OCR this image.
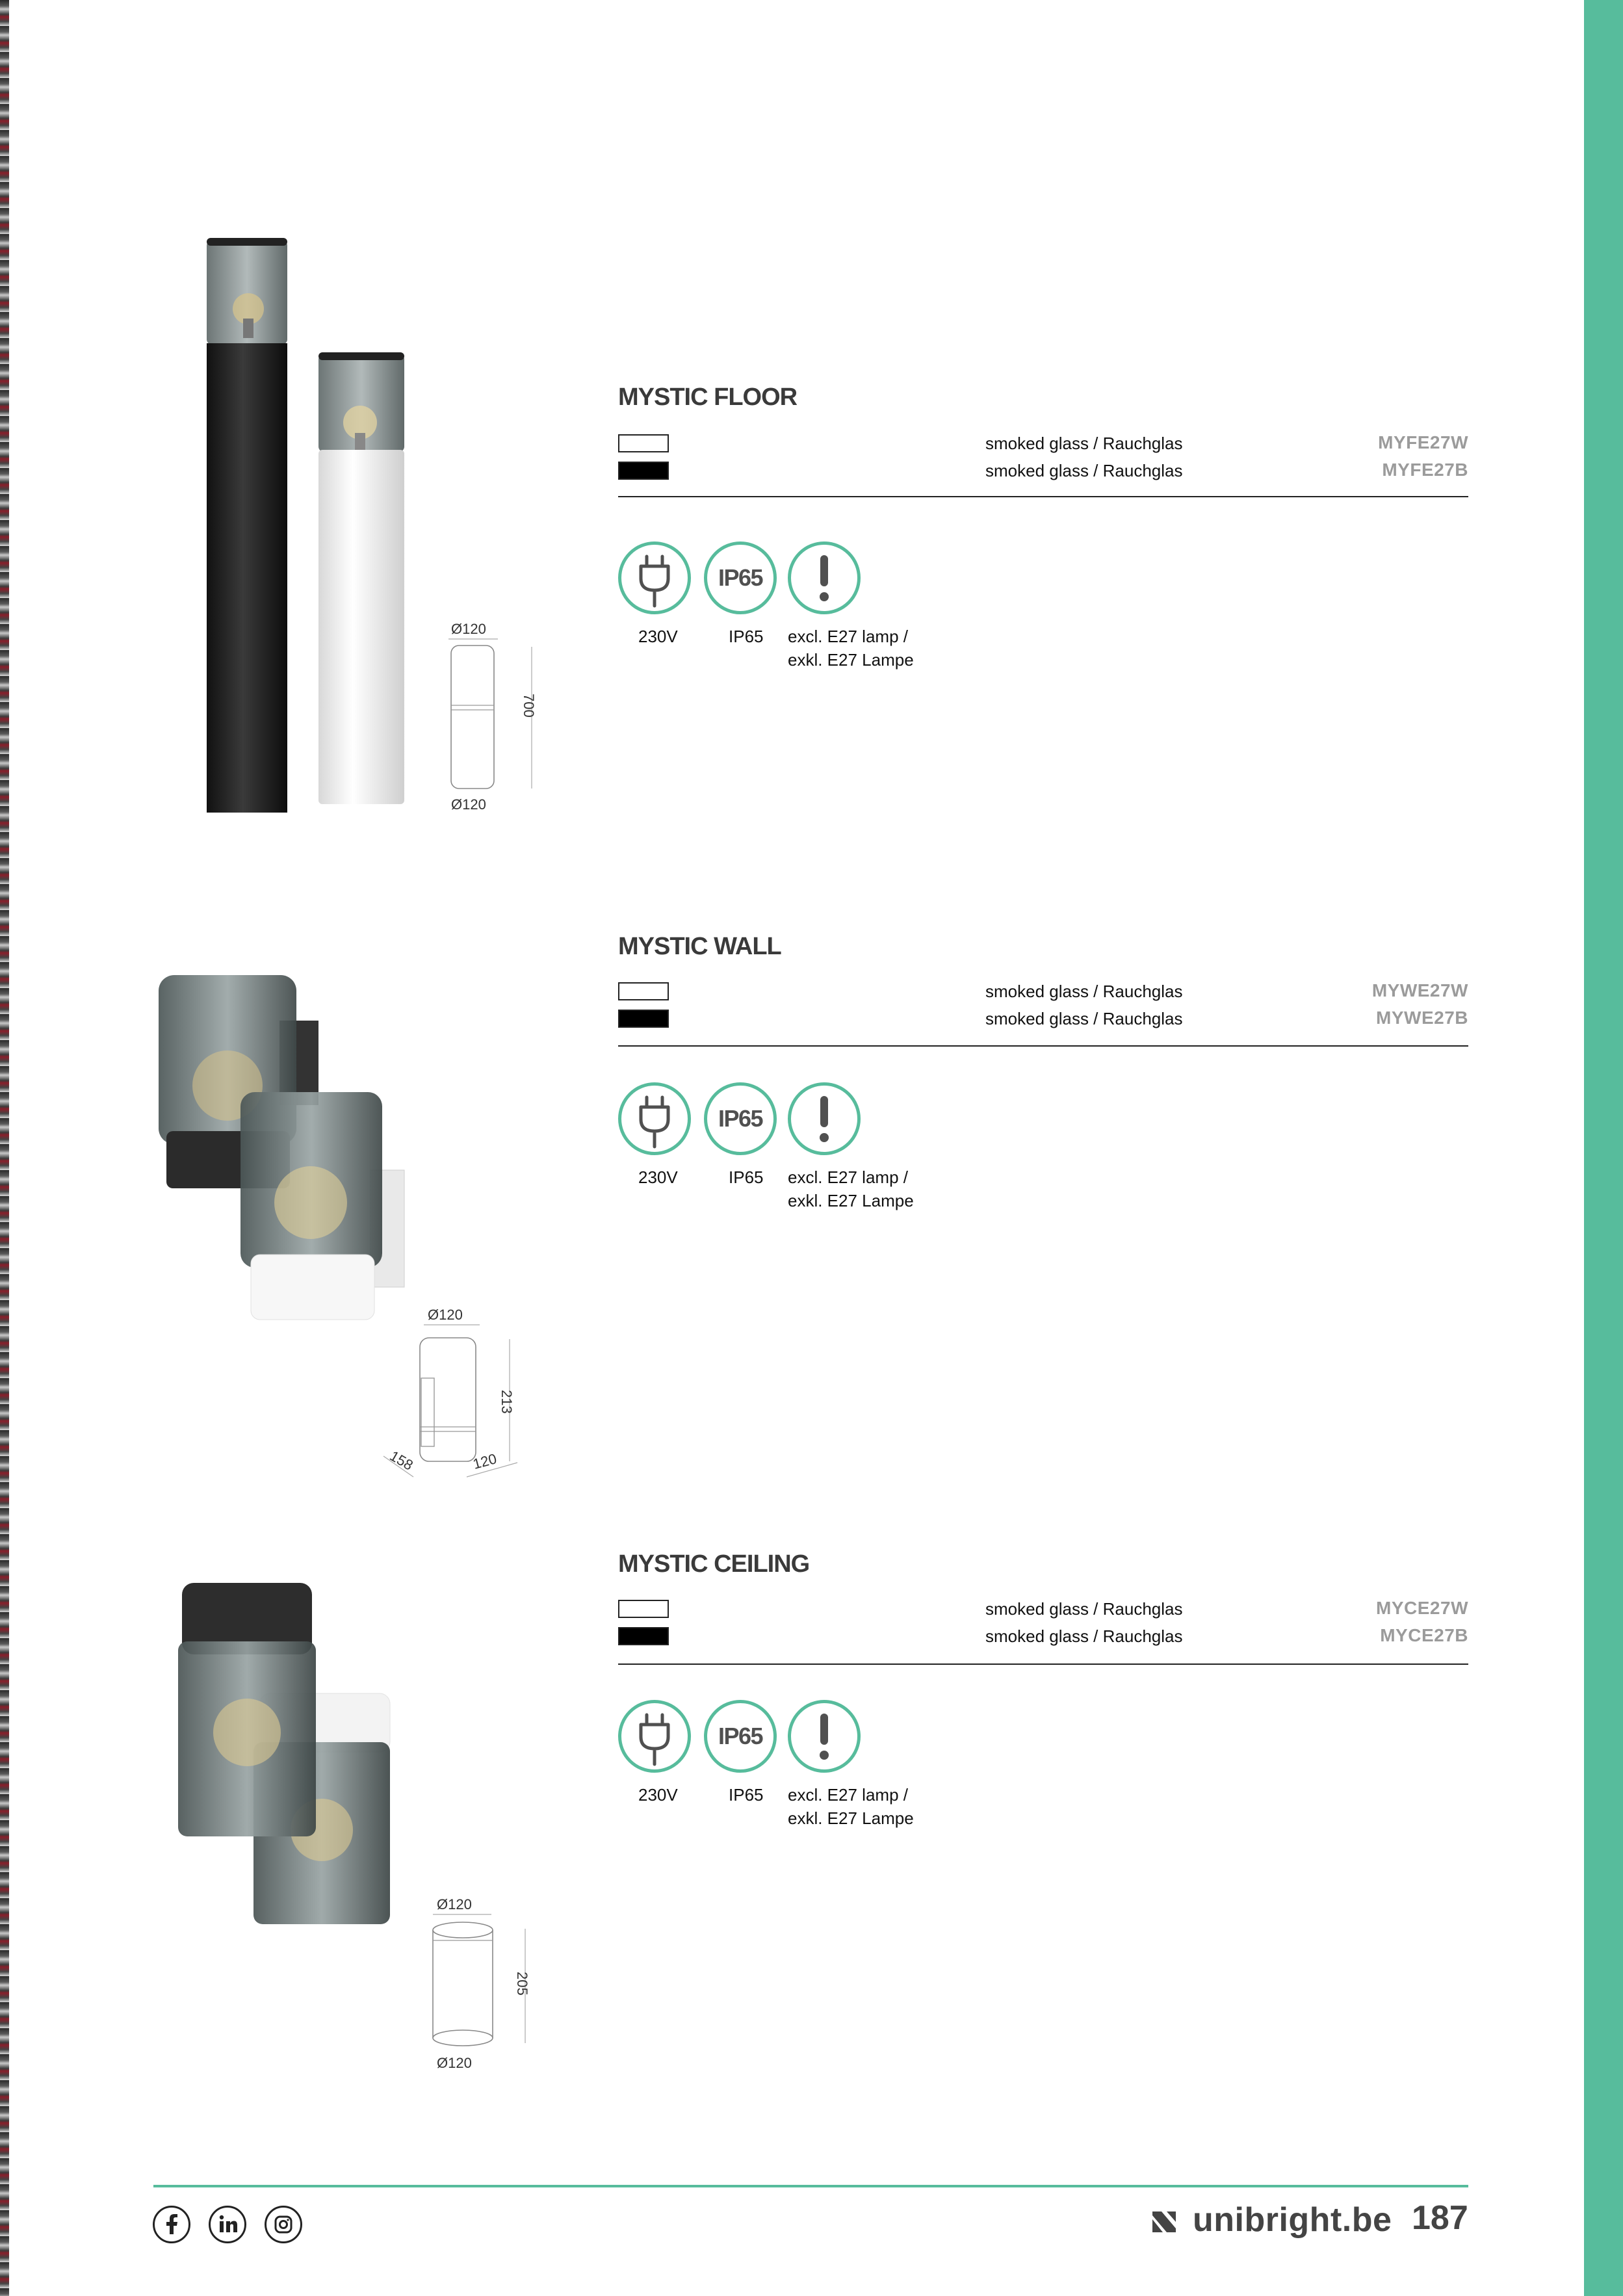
MYSTIC FLOOR
smoked glass / Rauchglas	MYFE27W
smoked glass / Rauchglas	MYFE27B
230V
IP65
IP65 excl. E27 lamp /
exkl. E27 Lampe
Ø120
700
Ø120
MYSTIC WALL
smoked glass / Rauchglas	MYWE27W
smoked glass / Rauchglas	MYWE27B
230V
IP65
IP65 excl. E27 lamp /
exkl. E27 Lampe
Ø120
213
158	120
MYSTIC CEILING
smoked glass / Rauchglas	MYCE27W
smoked glass / Rauchglas	MYCE27B
230V
IP65
IP65 excl. E27 lamp /
exkl. E27 Lampe
Ø120
205
Ø120
unibright.be 187
